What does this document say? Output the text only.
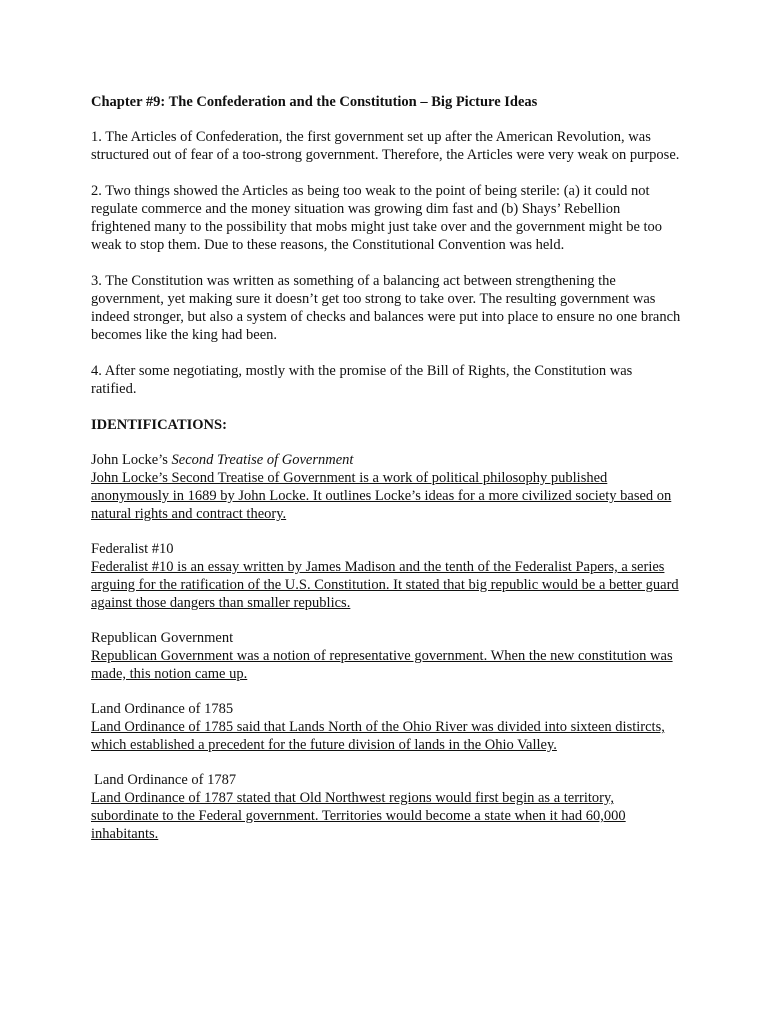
Chapter #9: The Confederation and the Constitution – Big Picture Ideas

1. The Articles of Confederation, the first government set up after the American Revolution, was structured out of fear of a too-strong government. Therefore, the Articles were very weak on purpose.

2. Two things showed the Articles as being too weak to the point of being sterile: (a) it could not regulate commerce and the money situation was growing dim fast and (b) Shays’ Rebellion frightened many to the possibility that mobs might just take over and the government might be too weak to stop them. Due to these reasons, the Constitutional Convention was held.

3. The Constitution was written as something of a balancing act between strengthening the government, yet making sure it doesn’t get too strong to take over. The resulting government was indeed stronger, but also a system of checks and balances were put into place to ensure no one branch becomes like the king had been.

4. After some negotiating, mostly with the promise of the Bill of Rights, the Constitution was ratified.

IDENTIFICATIONS:

John Locke’s Second Treatise of Government

John Locke’s Second Treatise of Government is a work of political philosophy published anonymously in 1689 by John Locke. It outlines Locke’s ideas for a more civilized society based on natural rights and contract theory.

Federalist #10

Federalist #10 is an essay written by James Madison and the tenth of the Federalist Papers, a series arguing for the ratification of the U.S. Constitution. It stated that big republic would be a better guard against those dangers than smaller republics.

Republican Government

Republican Government was a notion of representative government. When the new constitution was made, this notion came up.

Land Ordinance of 1785

Land Ordinance of 1785 said that Lands North of the Ohio River was divided into sixteen distircts, which established a precedent for the future division of lands in the Ohio Valley.

Land Ordinance of 1787

Land Ordinance of 1787 stated that Old Northwest regions would first begin as a territory, subordinate to the Federal government. Territories would become a state when it had 60,000 inhabitants.
